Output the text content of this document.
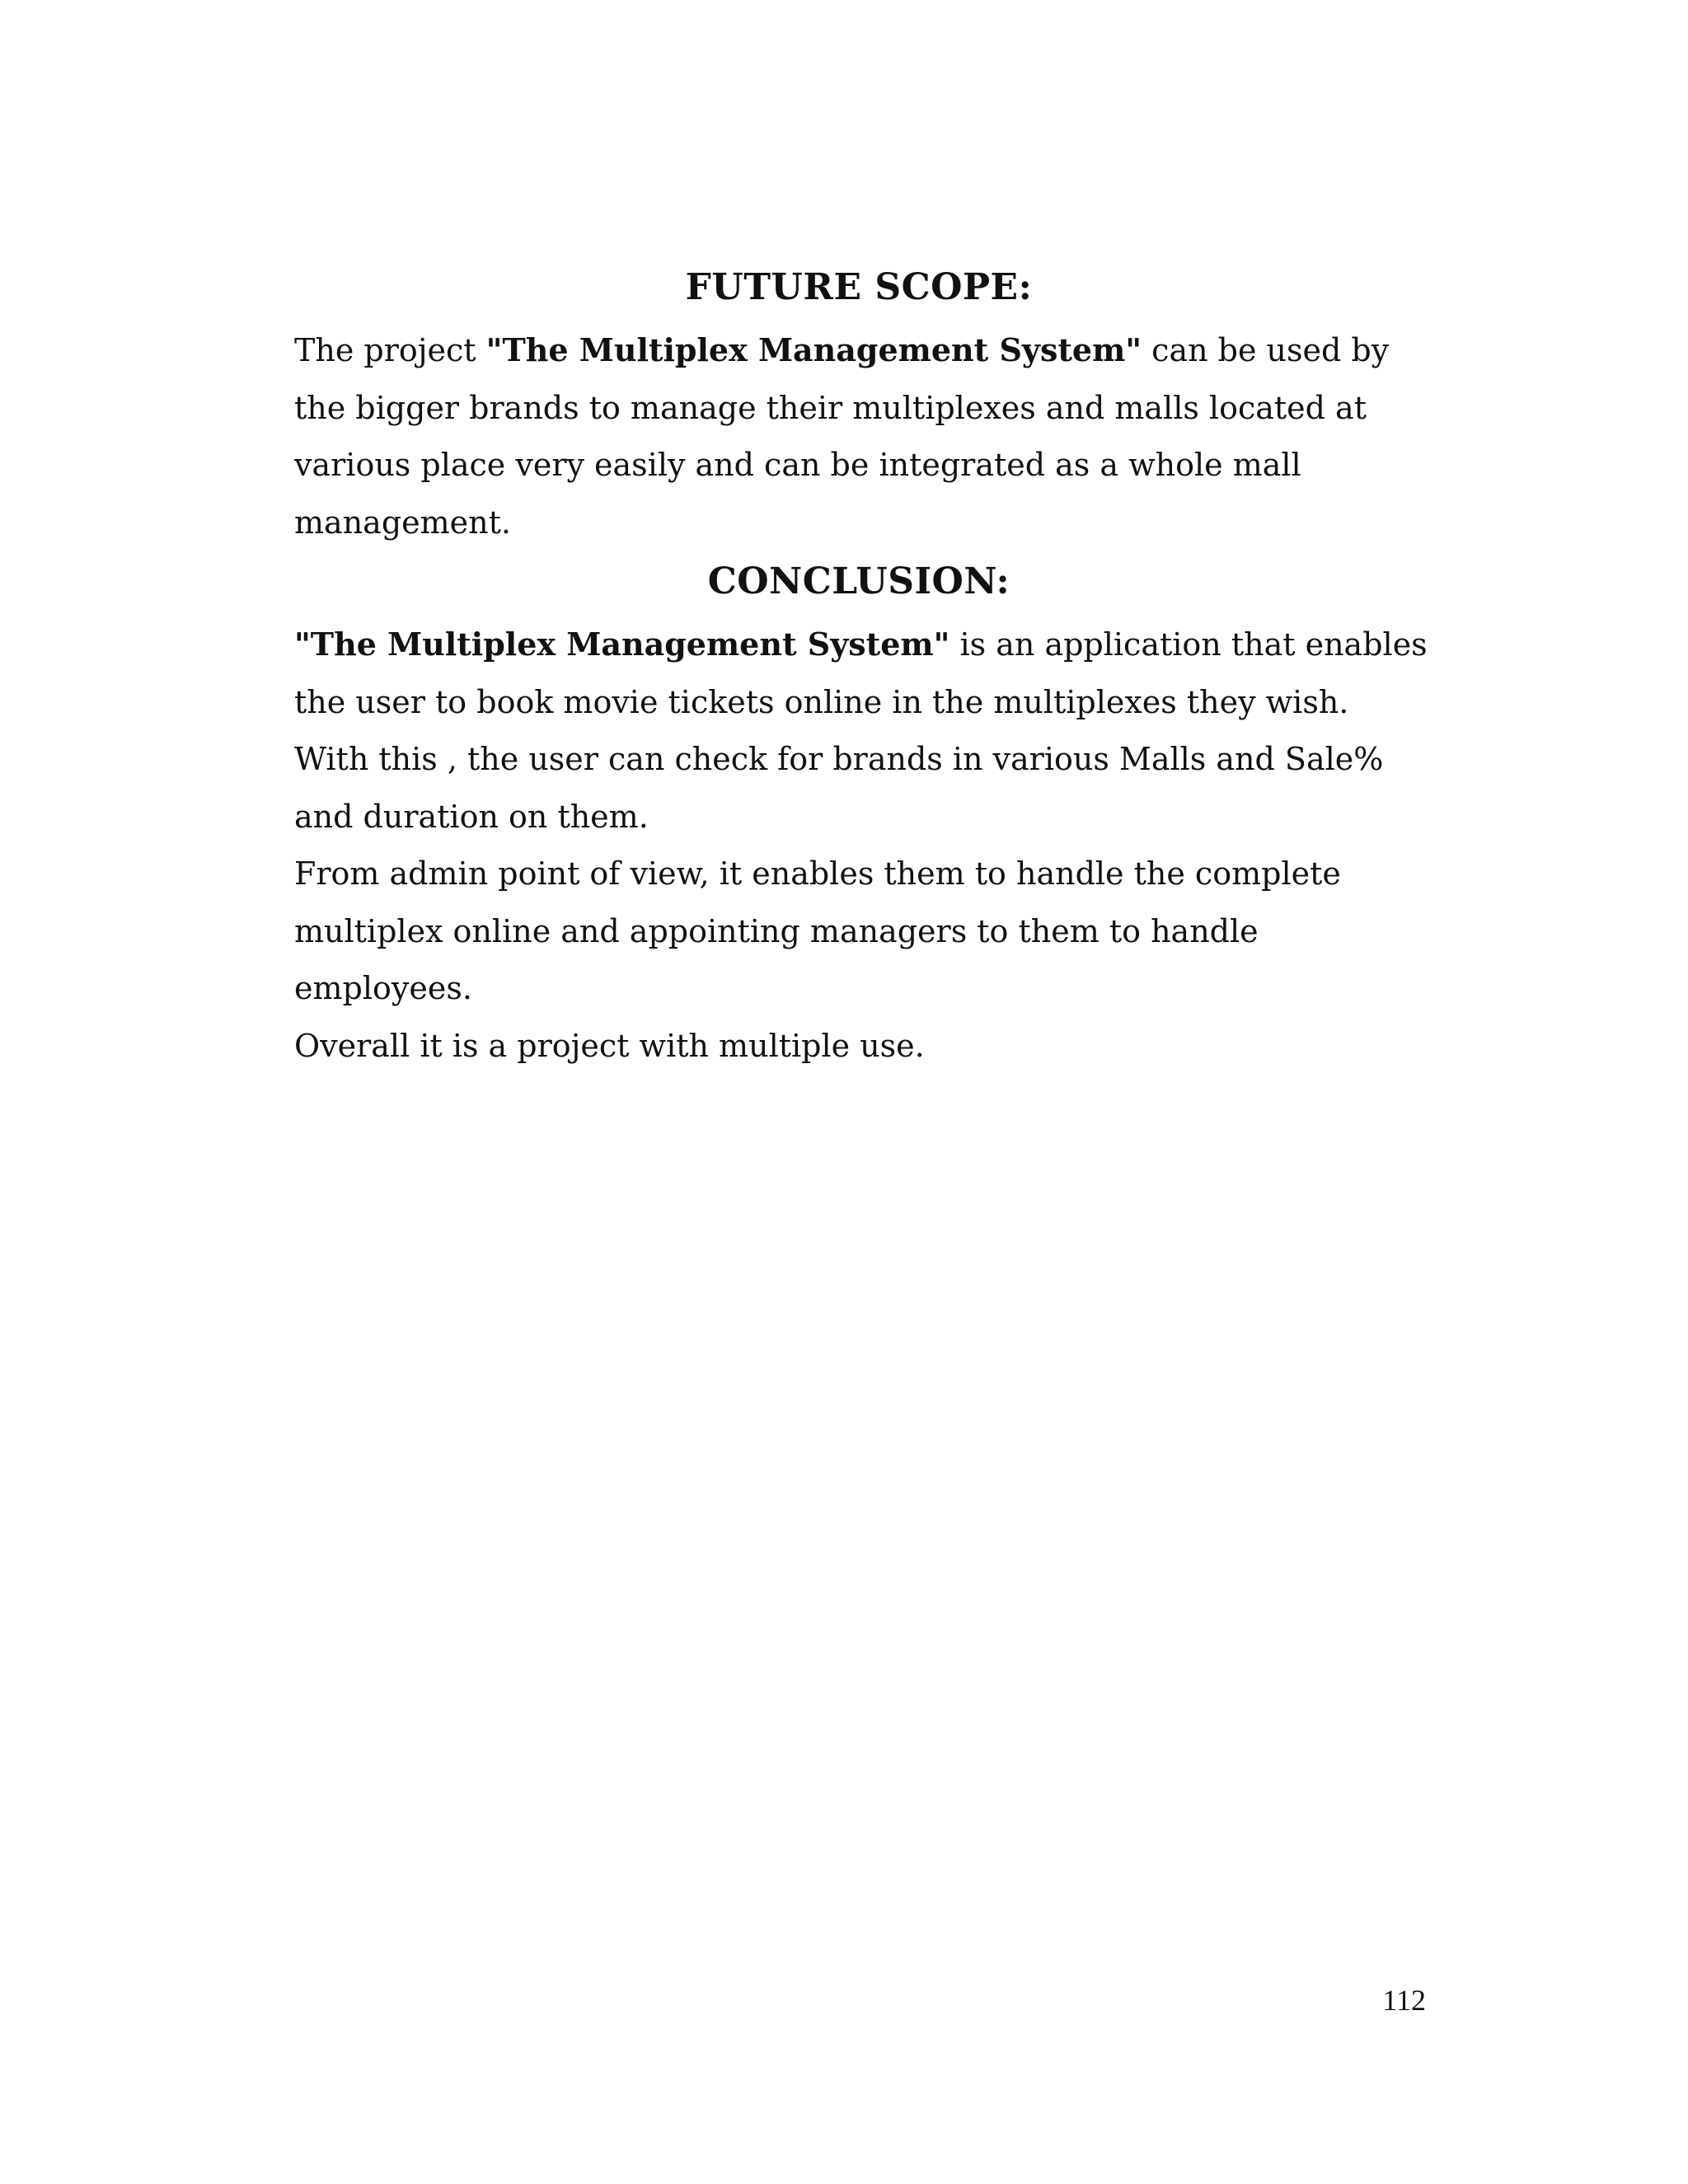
FUTURE SCOPE:

The project "The Multiplex Management System" can be used by
the bigger brands to manage their multiplexes and malls located at
various place very easily and can be integrated as a whole mall
management.

CONCLUSION:

"The Multiplex Management System" is an application that enables
the user to book movie tickets online in the multiplexes they wish.
With this , the user can check for brands in various Malls and Sale%
and duration on them.
From admin point of view, it enables them to handle the complete
multiplex online and appointing managers to them to handle
employees.
Overall it is a project with multiple use.

112
